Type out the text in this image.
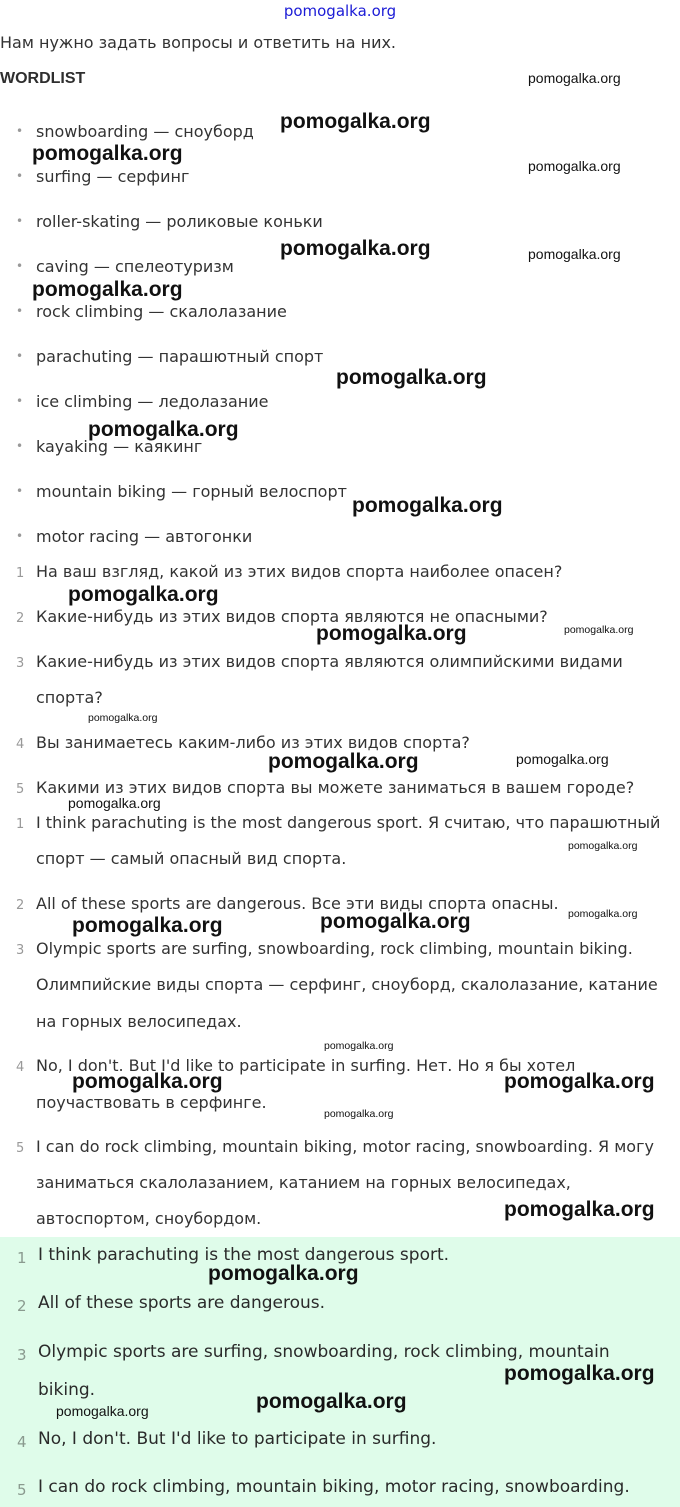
pomogalka.org
Нам нужно задать вопросы и ответить на них.
WORDLIST
• snowboarding — сноуборд
• surfing — серфинг
• roller-skating — роликовые коньки
• caving — спелеотуризм
• rock climbing — скалолазание
• parachuting — парашютный спорт
• ice climbing — ледолазание
• kayaking — каякинг
• mountain biking — горный велоспорт
• motor racing — автогонки
1 На ваш взгляд, какой из этих видов спорта наиболее опасен?
2 Какие-нибудь из этих видов спорта являются не опасными?
3 Какие-нибудь из этих видов спорта являются олимпийскими видами
спорта?
4 Вы занимаетесь каким-либо из этих видов спорта?
5 Какими из этих видов спорта вы можете заниматься в вашем городе?
1 I think parachuting is the most dangerous sport. Я считаю, что парашютный
спорт — самый опасный вид спорта.
2 All of these sports are dangerous. Все эти виды спорта опасны.
3 Olympic sports are surfing, snowboarding, rock climbing, mountain biking.
Олимпийские виды спорта — серфинг, сноуборд, скалолазание, катание
на горных велосипедах.
4 No, I don't. But I'd like to participate in surfing. Нет. Но я бы хотел
поучаствовать в серфинге.
5 I can do rock climbing, mountain biking, motor racing, snowboarding. Я могу
заниматься скалолазанием, катанием на горных велосипедах,
автоспортом, сноубордом.
1 I think parachuting is the most dangerous sport.
2 All of these sports are dangerous.
3 Olympic sports are surfing, snowboarding, rock climbing, mountain
biking.
4 No, I don't. But I'd like to participate in surfing.
5 I can do rock climbing, mountain biking, motor racing, snowboarding.
pomogalka.org
pomogalka.org
pomogalka.org
pomogalka.org
pomogalka.org	pomogalka.org
pomogalka.org
pomogalka.org
pomogalka.org
pomogalka.org
pomogalka.org
pomogalka.org	pomogalka.org
pomogalka.org
pomogalka.org
pomogalka.org
pomogalka.org
pomogalka.org
pomogalka.org
pomogalka.org	pomogalka.org
pomogalka.org
pomogalka.org	pomogalka.org
pomogalka.org
pomogalka.org
pomogalka.org
pomogalka.org
pomogalka.org
pomogalka.org
